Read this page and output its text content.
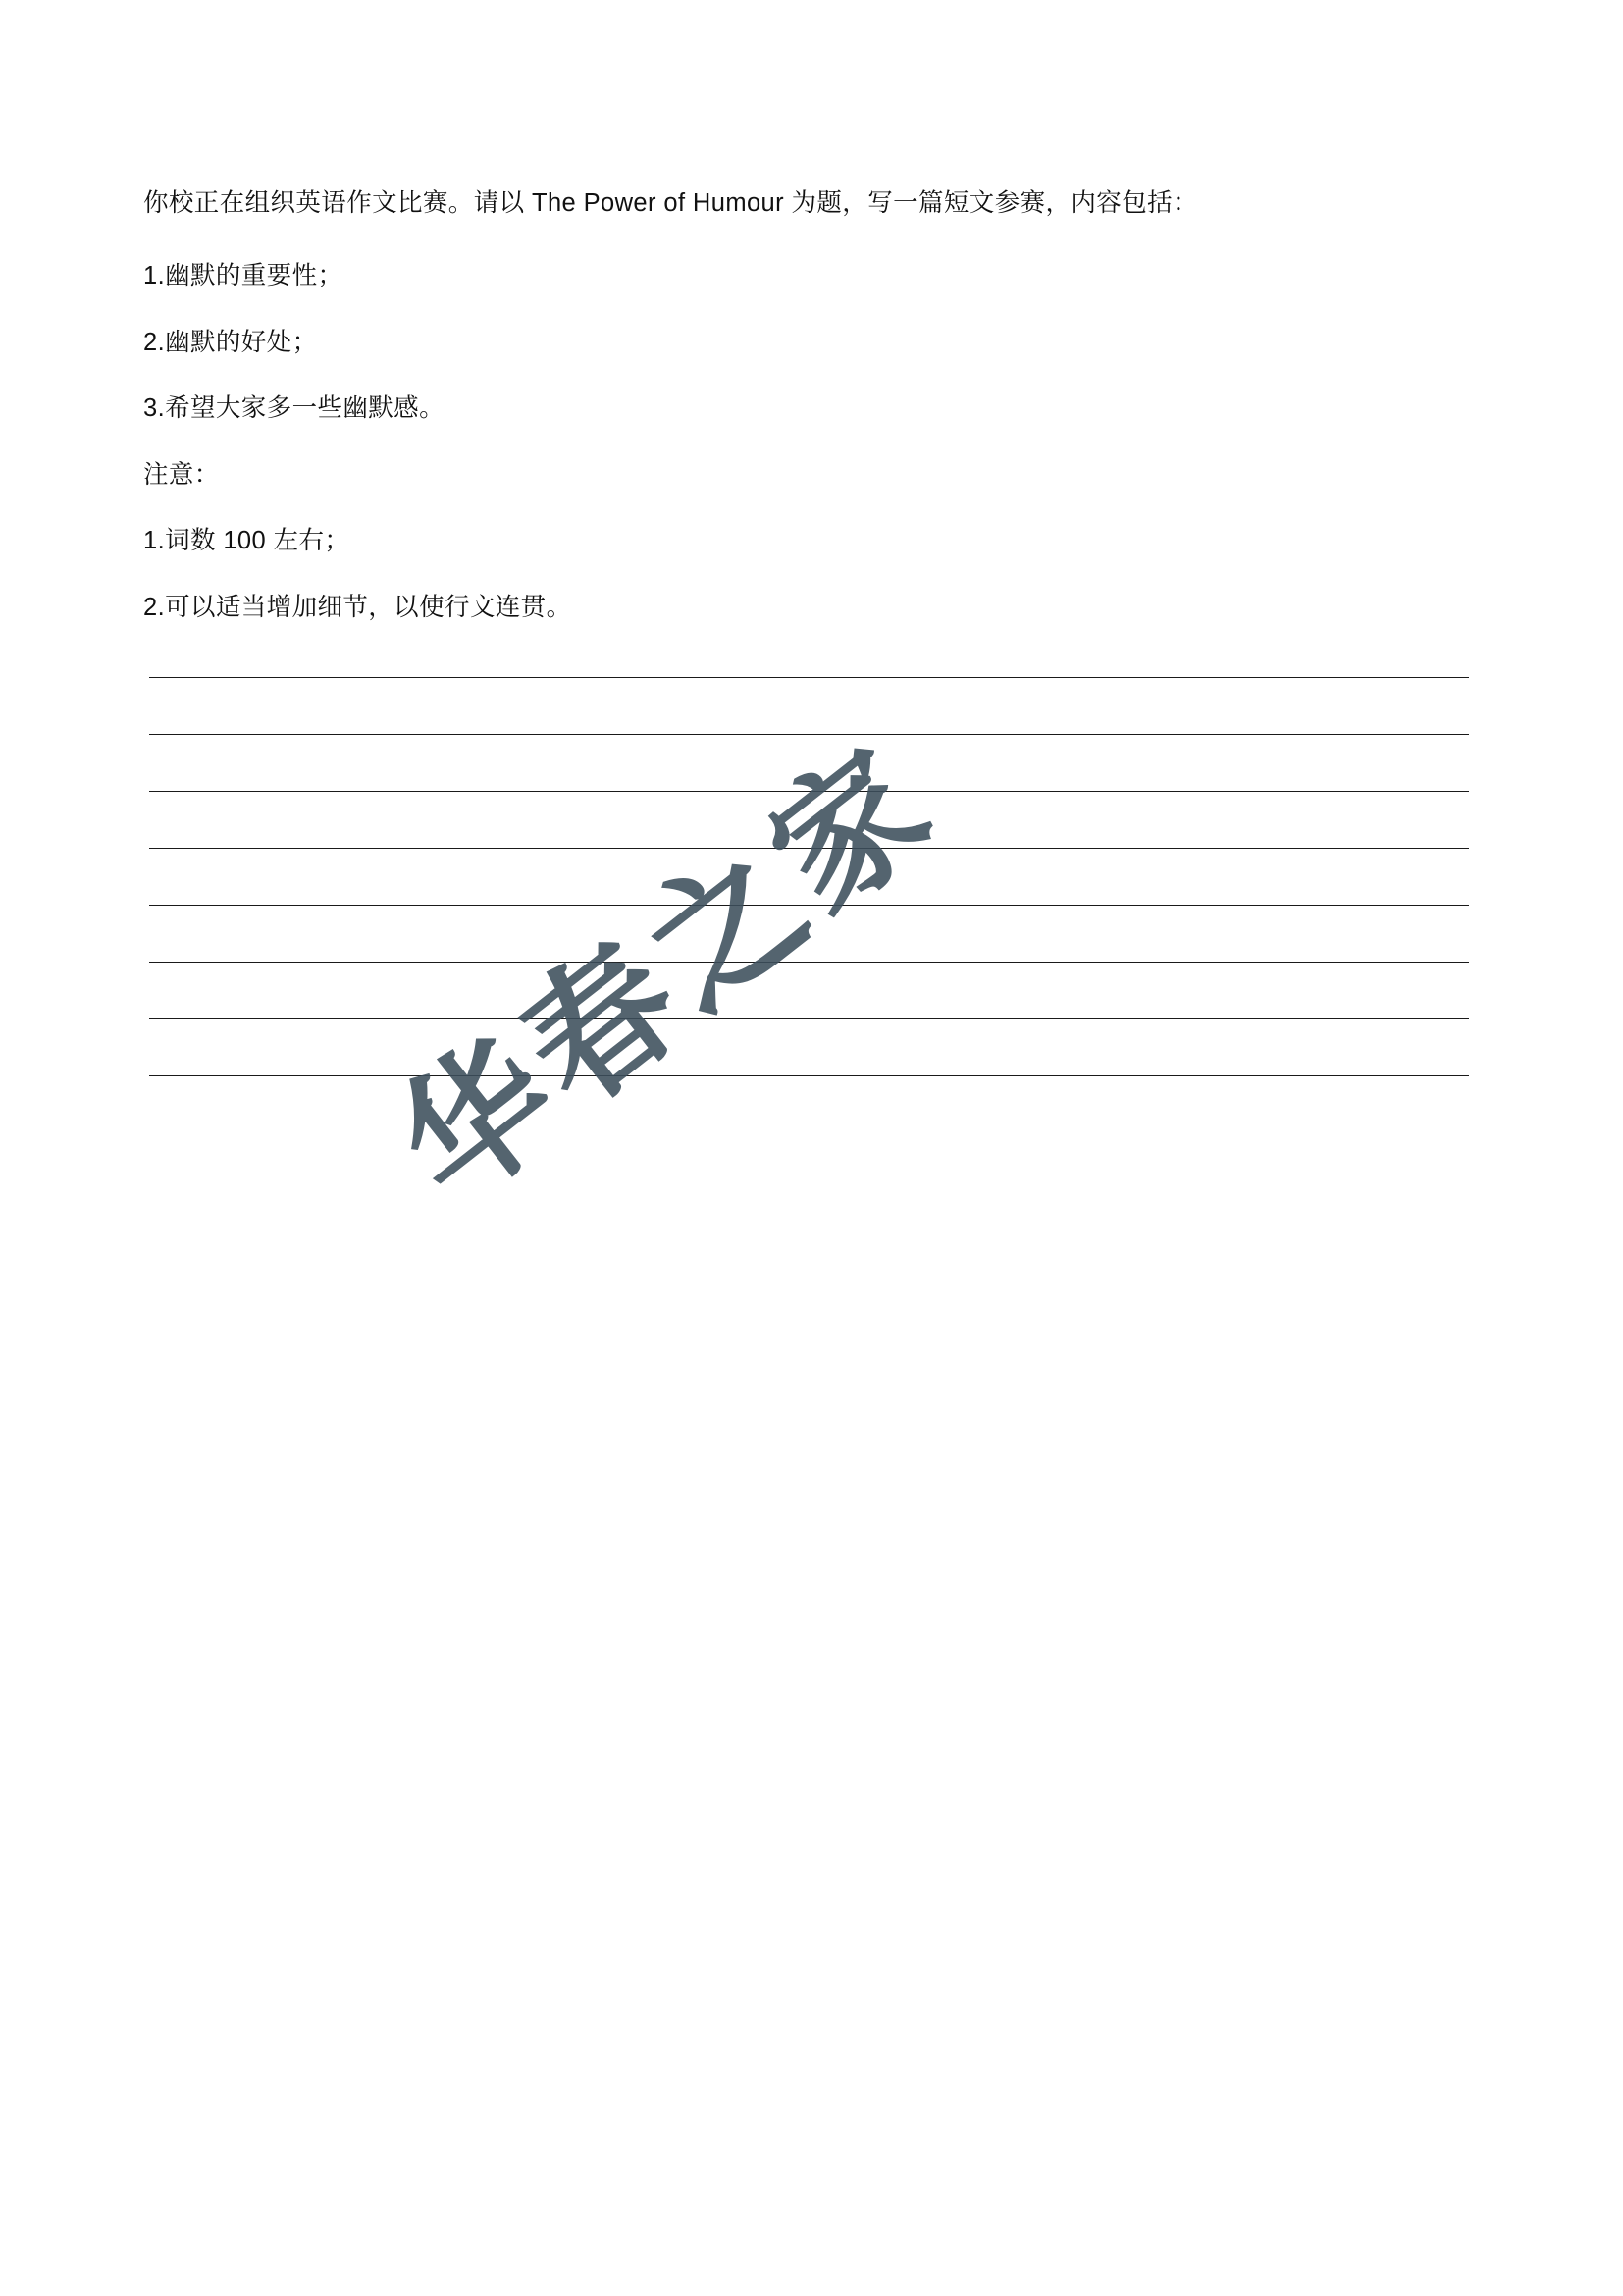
你校正在组织英语作文比赛。请以 The Power of Humour 为题，写一篇短文参赛，内容包括：

1.幽默的重要性；

2.幽默的好处；

3.希望大家多一些幽默感。

注意：

1.词数 100 左右；

2.可以适当增加细节，以使行文连贯。

华春之家
